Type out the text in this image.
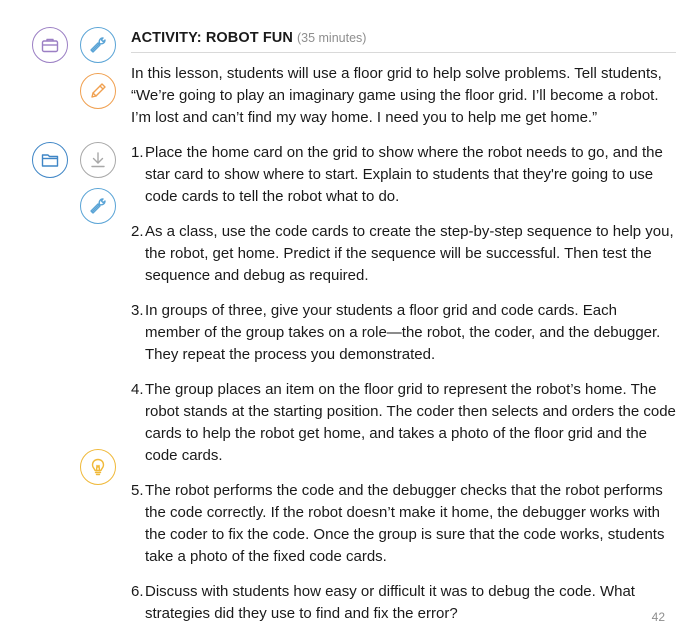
ACTIVITY: ROBOT FUN (35 minutes)

In this lesson, students will use a floor grid to help solve problems. Tell students, “We’re going to play an imaginary game using the floor grid. I’ll become a robot. I’m lost and can’t find my way home. I need you to help me get home.”

1. Place the home card on the grid to show where the robot needs to go, and the star card to show where to start. Explain to students that they're going to use code cards to tell the robot what to do.
2. As a class, use the code cards to create the step-by-step sequence to help you, the robot, get home. Predict if the sequence will be successful. Then test the sequence and debug as required.
3. In groups of three, give your students a floor grid and code cards. Each member of the group takes on a role—the robot, the coder, and the debugger. They repeat the process you demonstrated.
4. The group places an item on the floor grid to represent the robot’s home. The robot stands at the starting position. The coder then selects and orders the code cards to help the robot get home, and takes a photo of the floor grid and the code cards.
5. The robot performs the code and the debugger checks that the robot performs the code correctly. If the robot doesn’t make it home, the debugger works with the coder to fix the code. Once the group is sure that the code works, students take a photo of the fixed code cards.
6. Discuss with students how easy or difficult it was to debug the code. What strategies did they use to find and fix the error?	42
